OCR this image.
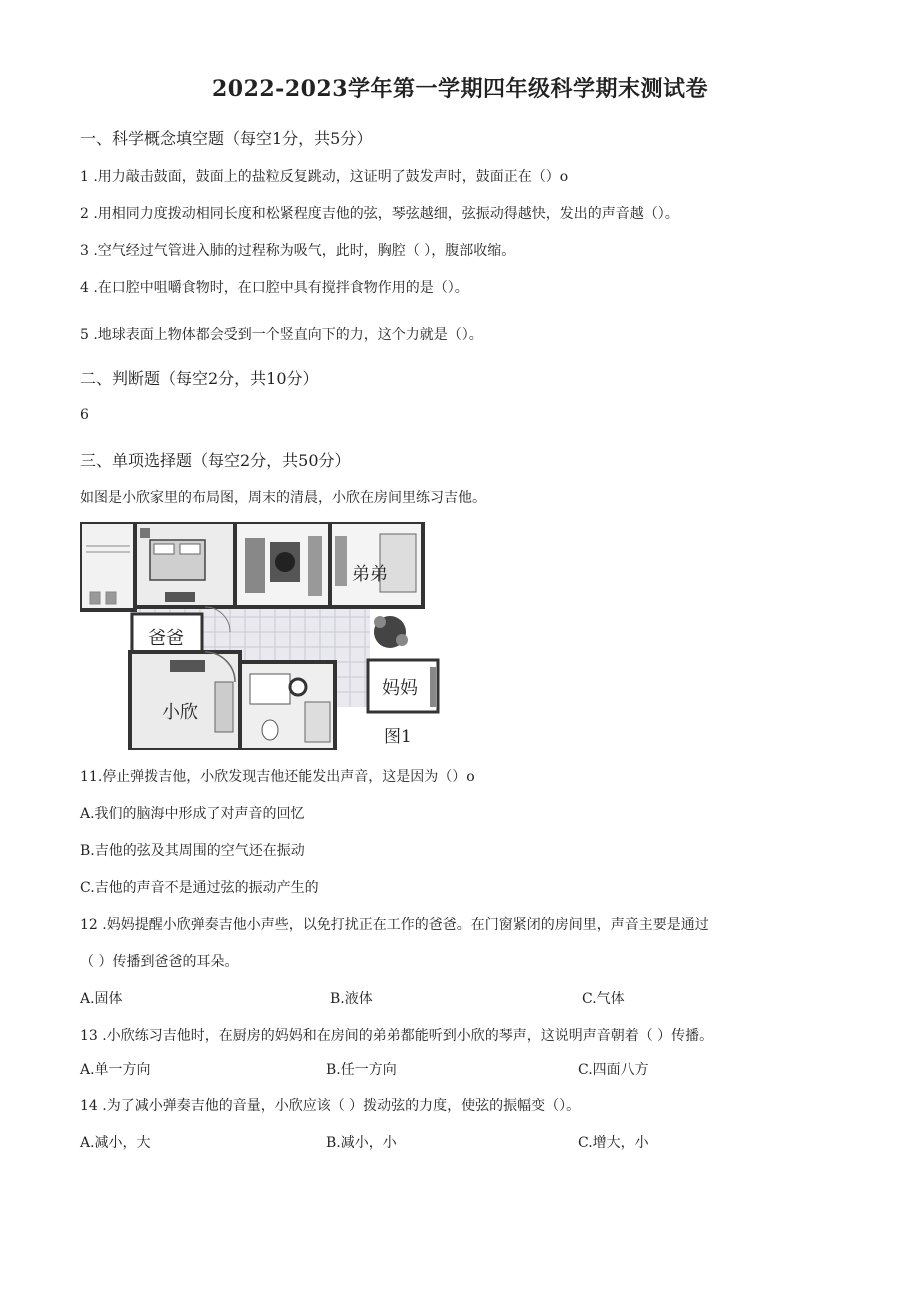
2022-2023学年第一学期四年级科学期末测试卷
一、科学概念填空题（每空1分，共5分）
1 .用力敲击鼓面，鼓面上的盐粒反复跳动，这证明了鼓发声时，鼓面正在（）o
2 .用相同力度拨动相同长度和松紧程度吉他的弦，琴弦越细，弦振动得越快，发出的声音越（）。
3 .空气经过气管进入肺的过程称为吸气，此时，胸腔（ ），腹部收缩。
4 .在口腔中咀嚼食物时，在口腔中具有搅拌食物作用的是（）。
5 .地球表面上物体都会受到一个竖直向下的力，这个力就是（）。
二、判断题（每空2分，共10分）
6
三、单项选择题（每空2分，共50分）
如图是小欣家里的布局图，周末的清晨，小欣在房间里练习吉他。
弟弟
爸爸
小欣
妈妈
图1
11.停止弹拨吉他，小欣发现吉他还能发出声音，这是因为（）o
A.我们的脑海中形成了对声音的回忆
B.吉他的弦及其周围的空气还在振动
C.吉他的声音不是通过弦的振动产生的
12 .妈妈提醒小欣弹奏吉他小声些，以免打扰正在工作的爸爸。在门窗紧闭的房间里，声音主要是通过
（ ）传播到爸爸的耳朵。
A.固体	B.液体	C.气体
13 .小欣练习吉他时，在厨房的妈妈和在房间的弟弟都能听到小欣的琴声，这说明声音朝着（ ）传播。
A.单一方向	B.任一方向	C.四面八方
14 .为了减小弹奏吉他的音量，小欣应该（ ）拨动弦的力度，使弦的振幅变（）。
A.减小，大	B.减小，小	C.增大，小
